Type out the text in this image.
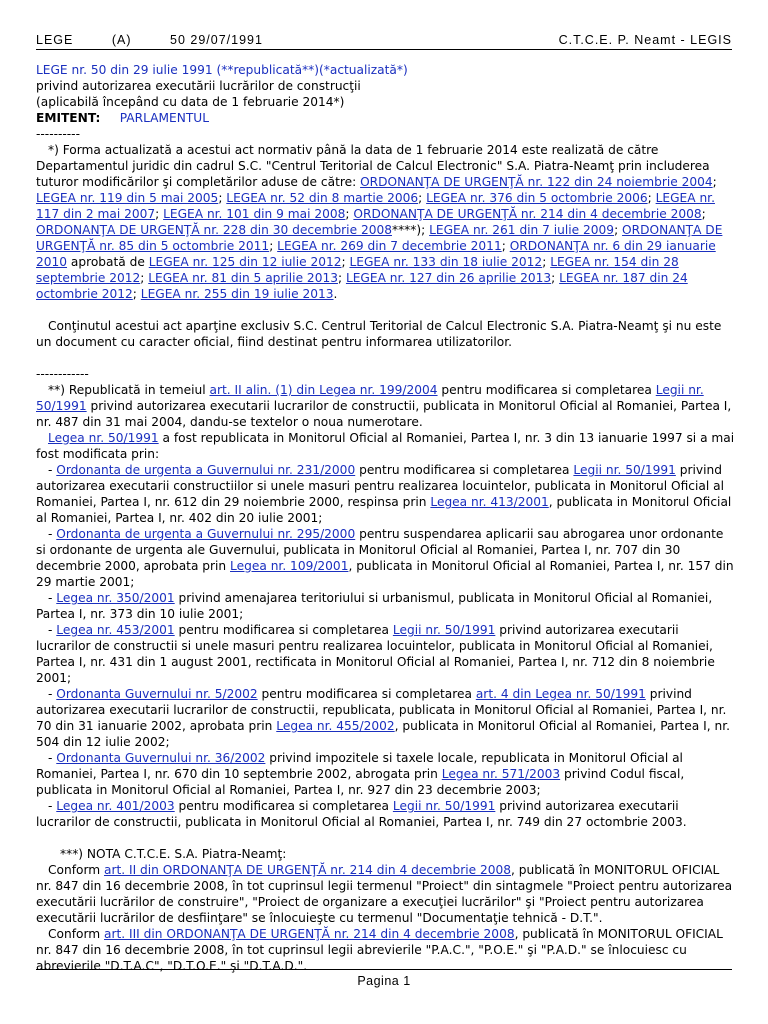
LEGE	(A)	50 29/07/1991	C.T.C.E. P. Neamt - LEGIS
LEGE nr. 50 din 29 iulie 1991 (**republicată**)(*actualizată*)
privind autorizarea executării lucrărilor de construcţii
(aplicabilă începând cu data de 1 februarie 2014*)
EMITENT: PARLAMENTUL
----------

*) Forma actualizată a acestui act normativ până la data de 1 februarie 2014 este realizată de către Departamentul juridic din cadrul S.C. "Centrul Teritorial de Calcul Electronic" S.A. Piatra-Neamţ prin includerea tuturor modificărilor şi completărilor aduse de către: ORDONANŢA DE URGENŢĂ nr. 122 din 24 noiembrie 2004; LEGEA nr. 119 din 5 mai 2005; LEGEA nr. 52 din 8 martie 2006; LEGEA nr. 376 din 5 octombrie 2006; LEGEA nr. 117 din 2 mai 2007; LEGEA nr. 101 din 9 mai 2008; ORDONANŢA DE URGENŢĂ nr. 214 din 4 decembrie 2008; ORDONANŢA DE URGENŢĂ nr. 228 din 30 decembrie 2008****); LEGEA nr. 261 din 7 iulie 2009; ORDONANŢA DE URGENŢĂ nr. 85 din 5 octombrie 2011; LEGEA nr. 269 din 7 decembrie 2011; ORDONANŢA nr. 6 din 29 ianuarie 2010 aprobată de LEGEA nr. 125 din 12 iulie 2012; LEGEA nr. 133 din 18 iulie 2012; LEGEA nr. 154 din 28 septembrie 2012; LEGEA nr. 81 din 5 aprilie 2013; LEGEA nr. 127 din 26 aprilie 2013; LEGEA nr. 187 din 24 octombrie 2012; LEGEA nr. 255 din 19 iulie 2013.

Conţinutul acestui act aparţine exclusiv S.C. Centrul Teritorial de Calcul Electronic S.A. Piatra-Neamţ şi nu este un document cu caracter oficial, fiind destinat pentru informarea utilizatorilor.

------------

**) Republicată in temeiul art. II alin. (1) din Legea nr. 199/2004 pentru modificarea si completarea Legii nr. 50/1991 privind autorizarea executarii lucrarilor de constructii, publicata in Monitorul Oficial al Romaniei, Partea I, nr. 487 din 31 mai 2004, dandu-se textelor o noua numerotare.

Legea nr. 50/1991 a fost republicata in Monitorul Oficial al Romaniei, Partea I, nr. 3 din 13 ianuarie 1997 si a mai fost modificata prin:

- Ordonanta de urgenta a Guvernului nr. 231/2000 pentru modificarea si completarea Legii nr. 50/1991 privind autorizarea executarii constructiilor si unele masuri pentru realizarea locuintelor, publicata in Monitorul Oficial al Romaniei, Partea I, nr. 612 din 29 noiembrie 2000, respinsa prin Legea nr. 413/2001, publicata in Monitorul Oficial al Romaniei, Partea I, nr. 402 din 20 iulie 2001;

- Ordonanta de urgenta a Guvernului nr. 295/2000 pentru suspendarea aplicarii sau abrogarea unor ordonante si ordonante de urgenta ale Guvernului, publicata in Monitorul Oficial al Romaniei, Partea I, nr. 707 din 30 decembrie 2000, aprobata prin Legea nr. 109/2001, publicata in Monitorul Oficial al Romaniei, Partea I, nr. 157 din 29 martie 2001;

- Legea nr. 350/2001 privind amenajarea teritoriului si urbanismul, publicata in Monitorul Oficial al Romaniei, Partea I, nr. 373 din 10 iulie 2001;

- Legea nr. 453/2001 pentru modificarea si completarea Legii nr. 50/1991 privind autorizarea executarii lucrarilor de constructii si unele masuri pentru realizarea locuintelor, publicata in Monitorul Oficial al Romaniei, Partea I, nr. 431 din 1 august 2001, rectificata in Monitorul Oficial al Romaniei, Partea I, nr. 712 din 8 noiembrie 2001;

- Ordonanta Guvernului nr. 5/2002 pentru modificarea si completarea art. 4 din Legea nr. 50/1991 privind autorizarea executarii lucrarilor de constructii, republicata, publicata in Monitorul Oficial al Romaniei, Partea I, nr. 70 din 31 ianuarie 2002, aprobata prin Legea nr. 455/2002, publicata in Monitorul Oficial al Romaniei, Partea I, nr. 504 din 12 iulie 2002;

- Ordonanta Guvernului nr. 36/2002 privind impozitele si taxele locale, republicata in Monitorul Oficial al Romaniei, Partea I, nr. 670 din 10 septembrie 2002, abrogata prin Legea nr. 571/2003 privind Codul fiscal, publicata in Monitorul Oficial al Romaniei, Partea I, nr. 927 din 23 decembrie 2003;

- Legea nr. 401/2003 pentru modificarea si completarea Legii nr. 50/1991 privind autorizarea executarii lucrarilor de constructii, publicata in Monitorul Oficial al Romaniei, Partea I, nr. 749 din 27 octombrie 2003.

***) NOTA C.T.C.E. S.A. Piatra-Neamţ:

Conform art. II din ORDONANŢA DE URGENŢĂ nr. 214 din 4 decembrie 2008, publicată în MONITORUL OFICIAL nr. 847 din 16 decembrie 2008, în tot cuprinsul legii termenul "Proiect" din sintagmele "Proiect pentru autorizarea executării lucrărilor de construire", "Proiect de organizare a execuţiei lucrărilor" şi "Proiect pentru autorizarea executării lucrărilor de desfiinţare" se înlocuieşte cu termenul "Documentaţie tehnică - D.T.".

Conform art. III din ORDONANŢA DE URGENŢĂ nr. 214 din 4 decembrie 2008, publicată în MONITORUL OFICIAL nr. 847 din 16 decembrie 2008, în tot cuprinsul legii abrevierile "P.A.C.", "P.O.E." şi "P.A.D." se înlocuiesc cu abrevierile "D.T.A.C", "D.T.O.E." şi "D.T.A.D.".

Pagina 1
